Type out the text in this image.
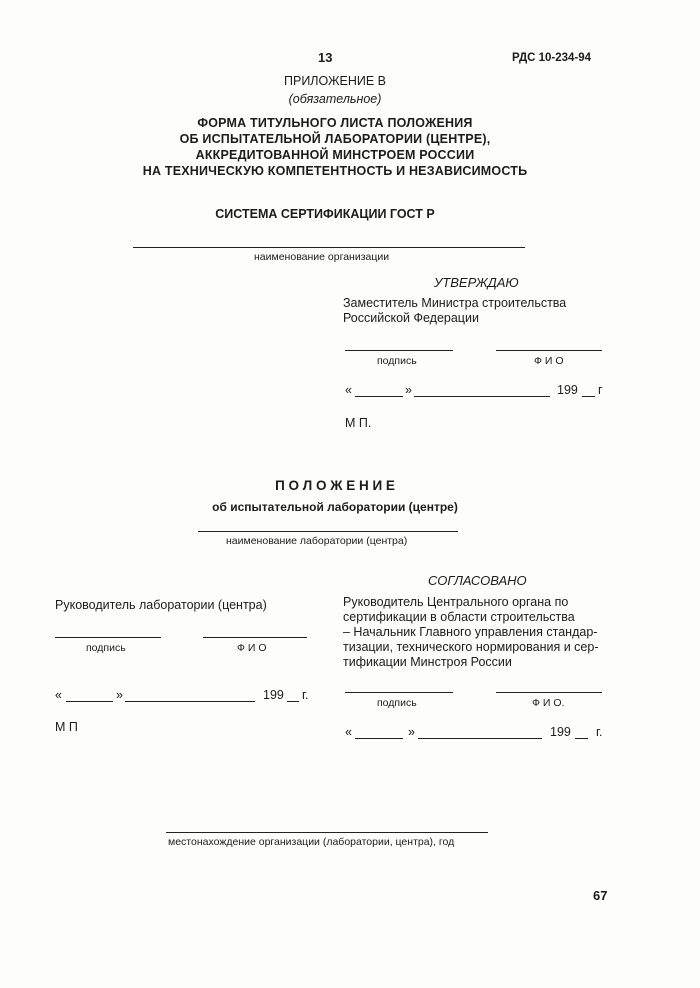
13	РДС 10-234-94
ПРИЛОЖЕНИЕ В
(обязательное)
ФОРМА ТИТУЛЬНОГО ЛИСТА ПОЛОЖЕНИЯ
ОБ ИСПЫТАТЕЛЬНОЙ ЛАБОРАТОРИИ (ЦЕНТРЕ),
АККРЕДИТОВАННОЙ МИНСТРОЕМ РОССИИ
НА ТЕХНИЧЕСКУЮ КОМПЕТЕНТНОСТЬ И НЕЗАВИСИМОСТЬ
СИСТЕМА СЕРТИФИКАЦИИ ГОСТ Р
наименование организации
УТВЕРЖДАЮ
Заместитель Министра строительства
Российской Федерации
подпись	Ф И О
«	»	199 г
М П.
П О Л О Ж Е Н И Е
об испытательной лаборатории (центре)
наименование лаборатории (центра)
СОГЛАСОВАНО
Руководитель лаборатории (центра)
подпись	Ф И О
«	»	199 г.
М П
Руководитель Центрального органа по
сертификации в области строительства
– Начальник Главного управления стандар-
тизации, технического нормирования и сер-
тификации Минстроя России
подпись	Ф И О.
«	»	199 г.
местонахождение организации (лаборатории, центра), год
67
